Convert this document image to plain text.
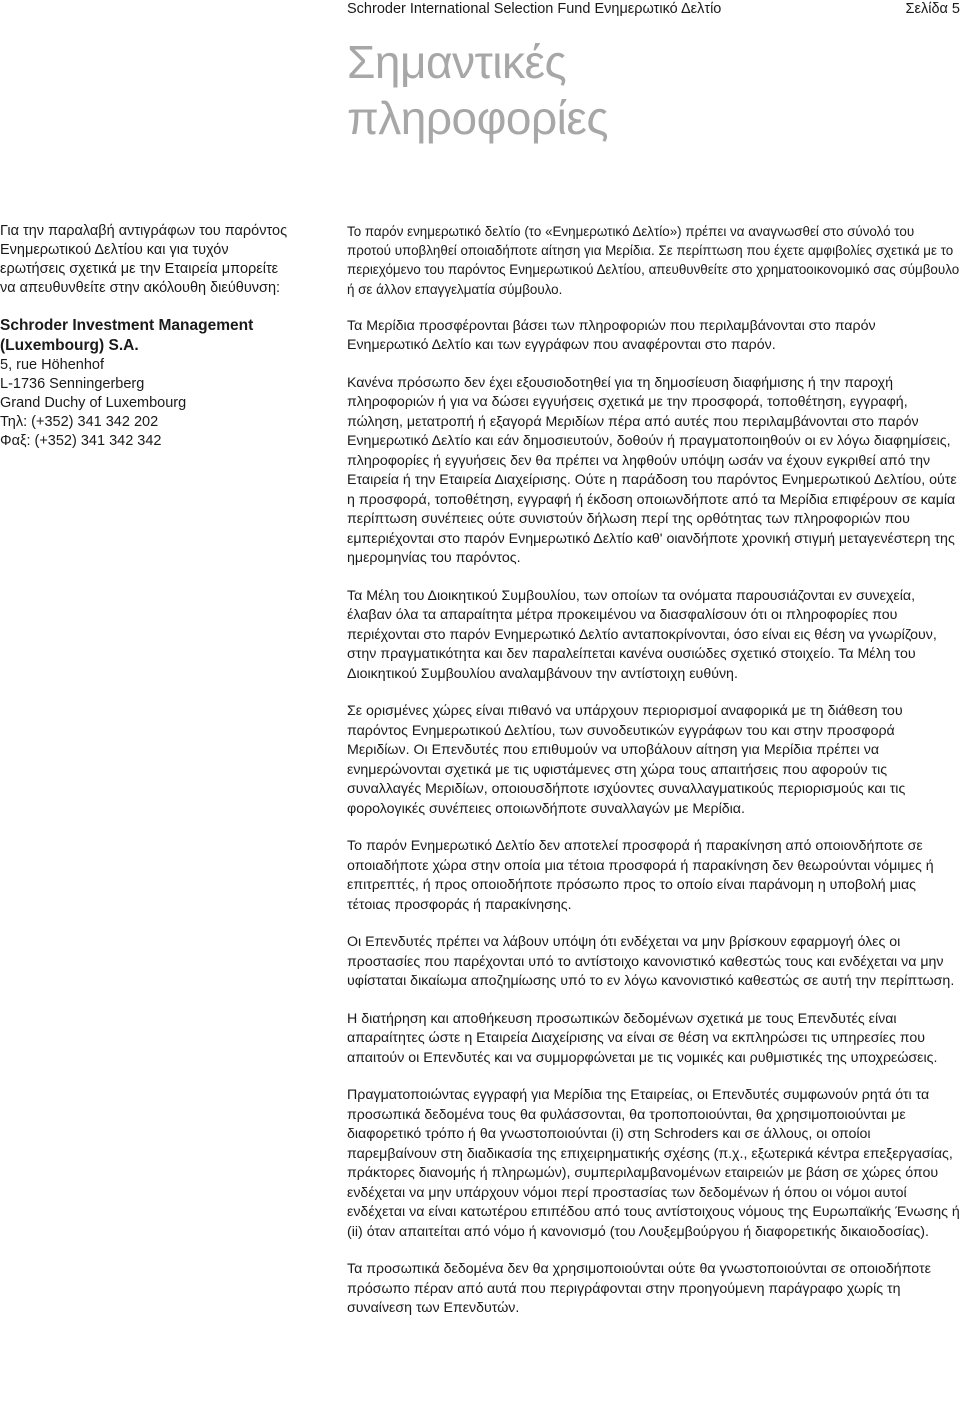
Schroder International Selection Fund Ενημερωτικό Δελτίο	Σελίδα 5
Σημαντικές
πληροφορίες

Για την παραλαβή αντιγράφων του παρόντος

Ενημερωτικού Δελτίου και για τυχόν

ερωτήσεις σχετικά με την Εταιρεία μπορείτε

να απευθυνθείτε στην ακόλουθη διεύθυνση:

Schroder Investment Management

(Luxembourg) S.A.

5, rue Höhenhof

L-1736 Senningerberg

Grand Duchy of Luxembourg

Τηλ: (+352) 341 342 202

Φαξ: (+352) 341 342 342

Το παρόν ενημερωτικό δελτίο (το «Ενημερωτικό Δελτίο») πρέπει να αναγνωσθεί στο σύνολό του προτού υποβληθεί οποιαδήποτε αίτηση για Μερίδια. Σε περίπτωση που έχετε αμφιβολίες σχετικά με το περιεχόμενο του παρόντος Ενημερωτικού Δελτίου, απευθυνθείτε στο χρηματοοικονομικό σας σύμβουλο ή σε άλλον επαγγελματία σύμβουλο.

Τα Μερίδια προσφέρονται βάσει των πληροφοριών που περιλαμβάνονται στο παρόν Ενημερωτικό Δελτίο και των εγγράφων που αναφέρονται στο παρόν.

Κανένα πρόσωπο δεν έχει εξουσιοδοτηθεί για τη δημοσίευση διαφήμισης ή την παροχή πληροφοριών ή για να δώσει εγγυήσεις σχετικά με την προσφορά, τοποθέτηση, εγγραφή, πώληση, μετατροπή ή εξαγορά Μεριδίων πέρα από αυτές που περιλαμβάνονται στο παρόν Ενημερωτικό Δελτίο και εάν δημοσιευτούν, δοθούν ή πραγματοποιηθούν οι εν λόγω διαφημίσεις, πληροφορίες ή εγγυήσεις δεν θα πρέπει να ληφθούν υπόψη ωσάν να έχουν εγκριθεί από την Εταιρεία ή την Εταιρεία Διαχείρισης. Ούτε η παράδοση του παρόντος Ενημερωτικού Δελτίου, ούτε η προσφορά, τοποθέτηση, εγγραφή ή έκδοση οποιωνδήποτε από τα Μερίδια επιφέρουν σε καμία περίπτωση συνέπειες ούτε συνιστούν δήλωση περί της ορθότητας των πληροφοριών που εμπεριέχονται στο παρόν Ενημερωτικό Δελτίο καθ' οιανδήποτε χρονική στιγμή μεταγενέστερη της ημερομηνίας του παρόντος.

Τα Μέλη του Διοικητικού Συμβουλίου, των οποίων τα ονόματα παρουσιάζονται εν συνεχεία, έλαβαν όλα τα απαραίτητα μέτρα προκειμένου να διασφαλίσουν ότι οι πληροφορίες που περιέχονται στο παρόν Ενημερωτικό Δελτίο ανταποκρίνονται, όσο είναι εις θέση να γνωρίζουν, στην πραγματικότητα και δεν παραλείπεται κανένα ουσιώδες σχετικό στοιχείο. Τα Μέλη του Διοικητικού Συμβουλίου αναλαμβάνουν την αντίστοιχη ευθύνη.

Σε ορισμένες χώρες είναι πιθανό να υπάρχουν περιορισμοί αναφορικά με τη διάθεση του παρόντος Ενημερωτικού Δελτίου, των συνοδευτικών εγγράφων του και στην προσφορά Μεριδίων. Οι Επενδυτές που επιθυμούν να υποβάλουν αίτηση για Μερίδια πρέπει να ενημερώνονται σχετικά με τις υφιστάμενες στη χώρα τους απαιτήσεις που αφορούν τις συναλλαγές Μεριδίων, οποιουσδήποτε ισχύοντες συναλλαγματικούς περιορισμούς και τις φορολογικές συνέπειες οποιωνδήποτε συναλλαγών με Μερίδια.

Το παρόν Ενημερωτικό Δελτίο δεν αποτελεί προσφορά ή παρακίνηση από οποιονδήποτε σε οποιαδήποτε χώρα στην οποία μια τέτοια προσφορά ή παρακίνηση δεν θεωρούνται νόμιμες ή επιτρεπτές, ή προς οποιοδήποτε πρόσωπο προς το οποίο είναι παράνομη η υποβολή μιας τέτοιας προσφοράς ή παρακίνησης.

Οι Επενδυτές πρέπει να λάβουν υπόψη ότι ενδέχεται να μην βρίσκουν εφαρμογή όλες οι προστασίες που παρέχονται υπό το αντίστοιχο κανονιστικό καθεστώς τους και ενδέχεται να μην υφίσταται δικαίωμα αποζημίωσης υπό το εν λόγω κανονιστικό καθεστώς σε αυτή την περίπτωση.

Η διατήρηση και αποθήκευση προσωπικών δεδομένων σχετικά με τους Επενδυτές είναι απαραίτητες ώστε η Εταιρεία Διαχείρισης να είναι σε θέση να εκπληρώσει τις υπηρεσίες που απαιτούν οι Επενδυτές και να συμμορφώνεται με τις νομικές και ρυθμιστικές της υποχρεώσεις.

Πραγματοποιώντας εγγραφή για Μερίδια της Εταιρείας, οι Επενδυτές συμφωνούν ρητά ότι τα προσωπικά δεδομένα τους θα φυλάσσονται, θα τροποποιούνται, θα χρησιμοποιούνται με διαφορετικό τρόπο ή θα γνωστοποιούνται (i) στη Schroders και σε άλλους, οι οποίοι παρεμβαίνουν στη διαδικασία της επιχειρηματικής σχέσης (π.χ., εξωτερικά κέντρα επεξεργασίας, πράκτορες διανομής ή πληρωμών), συμπεριλαμβανομένων εταιρειών με βάση σε χώρες όπου ενδέχεται να μην υπάρχουν νόμοι περί προστασίας των δεδομένων ή όπου οι νόμοι αυτοί ενδέχεται να είναι κατωτέρου επιπέδου από τους αντίστοιχους νόμους της Ευρωπαϊκής Ένωσης ή (ii) όταν απαιτείται από νόμο ή κανονισμό (του Λουξεμβούργου ή διαφορετικής δικαιοδοσίας).

Τα προσωπικά δεδομένα δεν θα χρησιμοποιούνται ούτε θα γνωστοποιούνται σε οποιοδήποτε πρόσωπο πέραν από αυτά που περιγράφονται στην προηγούμενη παράγραφο χωρίς τη συναίνεση των Επενδυτών.
